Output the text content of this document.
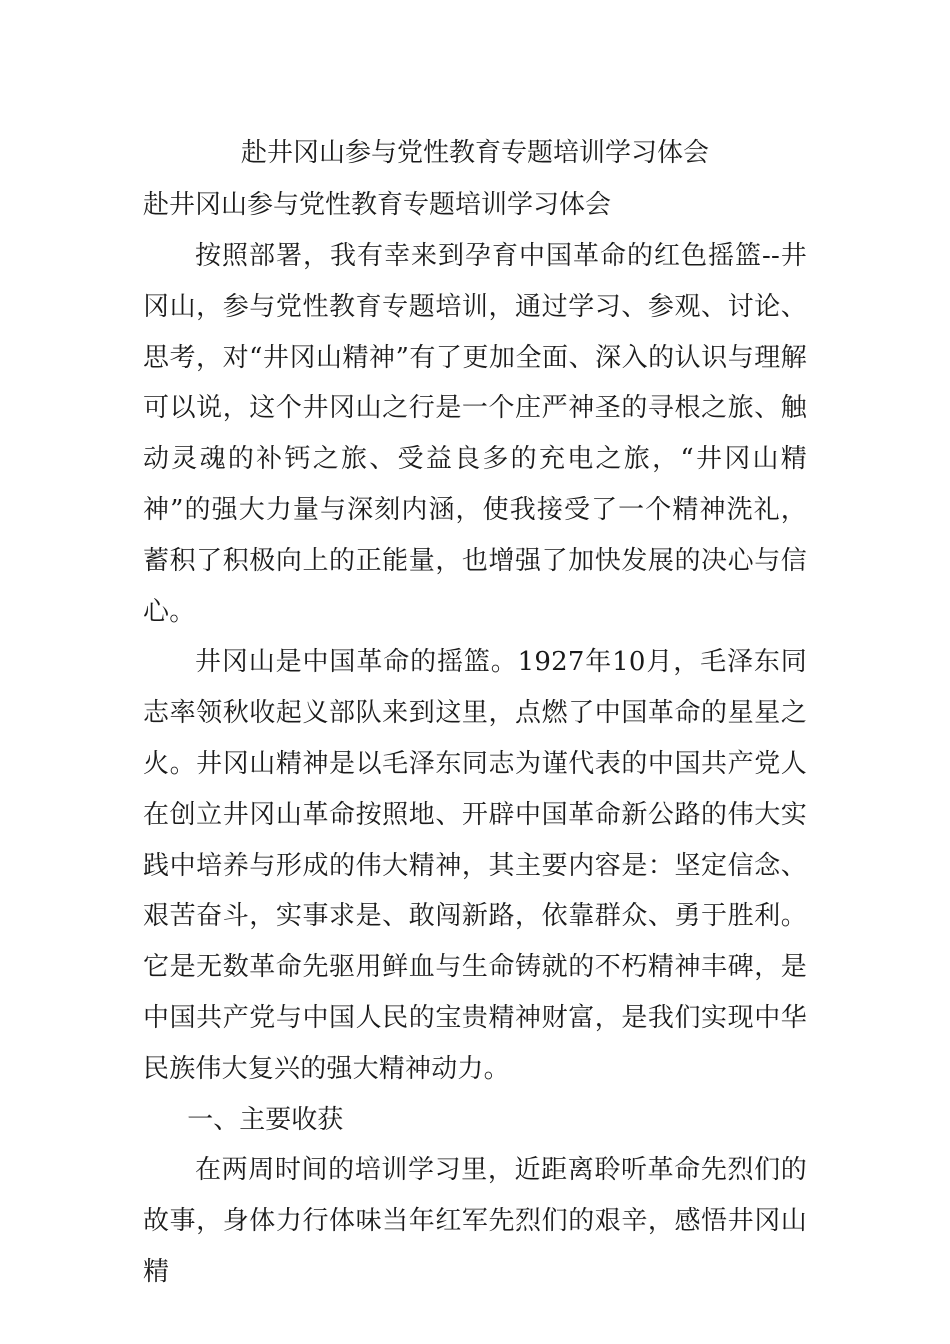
赴井冈山参与党性教育专题培训学习体会

赴井冈山参与党性教育专题培训学习体会

按照部署，我有幸来到孕育中国革命的红色摇篮--井冈山，参与党性教育专题培训，通过学习、参观、讨论、思考，对“井冈山精神”有了更加全面、深入的认识与理解可以说，这个井冈山之行是一个庄严神圣的寻根之旅、触动灵魂的补钙之旅、受益良多的充电之旅，“井冈山精神”的强大力量与深刻内涵，使我接受了一个精神洗礼，蓄积了积极向上的正能量，也增强了加快发展的决心与信心。

井冈山是中国革命的摇篮。1927年10月，毛泽东同志率领秋收起义部队来到这里，点燃了中国革命的星星之火。井冈山精神是以毛泽东同志为谨代表的中国共产党人在创立井冈山革命按照地、开辟中国革命新公路的伟大实践中培养与形成的伟大精神，其主要内容是：坚定信念、艰苦奋斗，实事求是、敢闯新路，依靠群众、勇于胜利。它是无数革命先驱用鲜血与生命铸就的不朽精神丰碑，是中国共产党与中国人民的宝贵精神财富，是我们实现中华民族伟大复兴的强大精神动力。

一、主要收获

在两周时间的培训学习里，近距离聆听革命先烈们的故事，身体力行体味当年红军先烈们的艰辛，感悟井冈山精
